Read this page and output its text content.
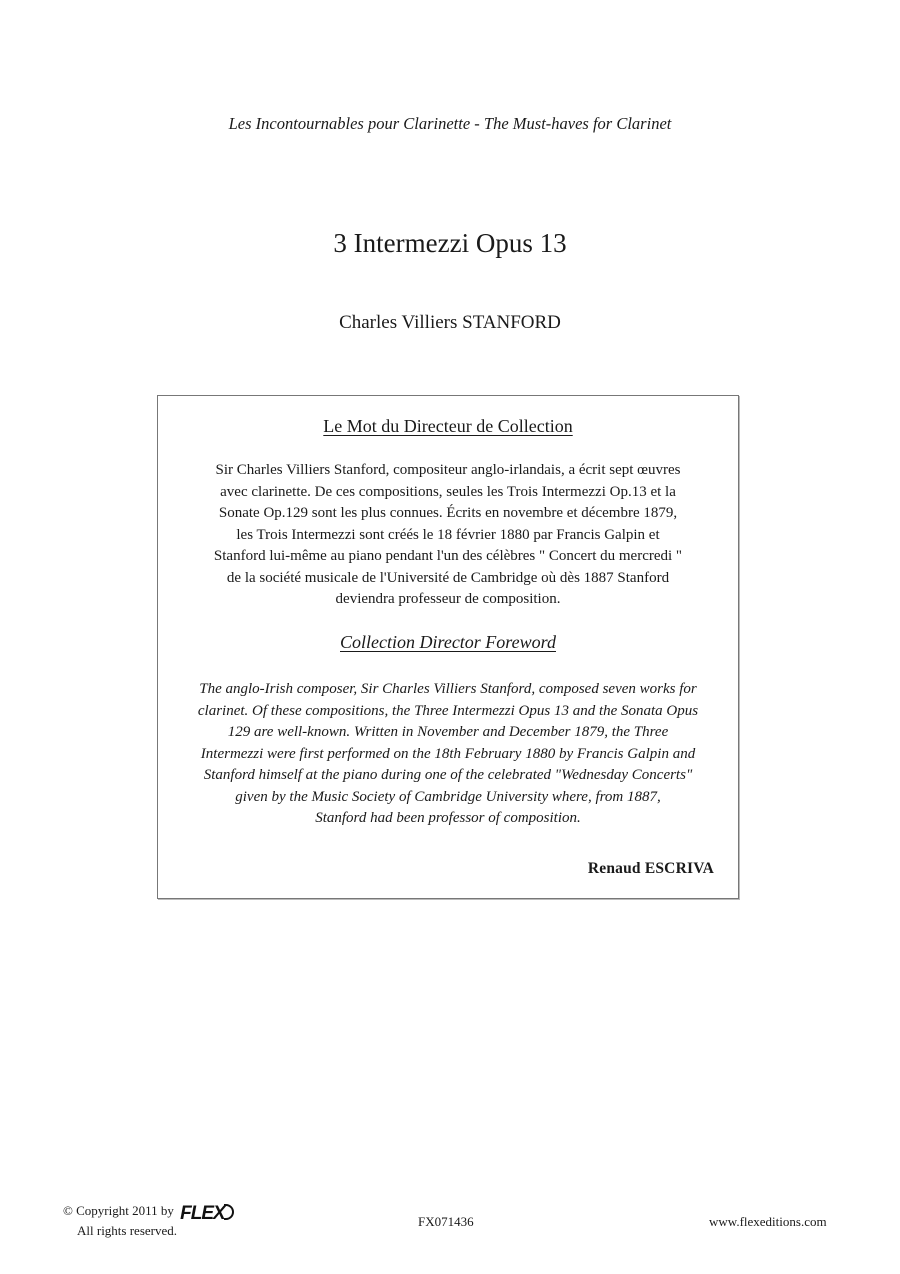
Les Incontournables pour Clarinette - The Must-haves for Clarinet
3 Intermezzi Opus 13
Charles Villiers STANFORD
Le Mot du Directeur de Collection
Sir Charles Villiers Stanford, compositeur anglo-irlandais, a écrit sept œuvres
avec clarinette. De ces compositions, seules les Trois Intermezzi Op.13 et la
Sonate Op.129 sont les plus connues. Écrits en novembre et décembre 1879,
les Trois Intermezzi sont créés le 18 février 1880 par Francis Galpin et
Stanford lui-même au piano pendant l'un des célèbres " Concert du mercredi "
de la société musicale de l'Université de Cambridge où dès 1887 Stanford
deviendra professeur de composition.
Collection Director Foreword
The anglo-Irish composer, Sir Charles Villiers Stanford, composed seven works for
clarinet. Of these compositions, the Three Intermezzi Opus 13 and the Sonata Opus
129 are well-known. Written in November and December 1879, the Three
Intermezzi were first performed on the 18th February 1880 by Francis Galpin and
Stanford himself at the piano during one of the celebrated "Wednesday Concerts"
given by the Music Society of Cambridge University where, from 1887,
Stanford had been professor of composition.
Renaud ESCRIVA
© Copyright 2011 by FLEX
All rights reserved.
FX071436	www.flexeditions.com
